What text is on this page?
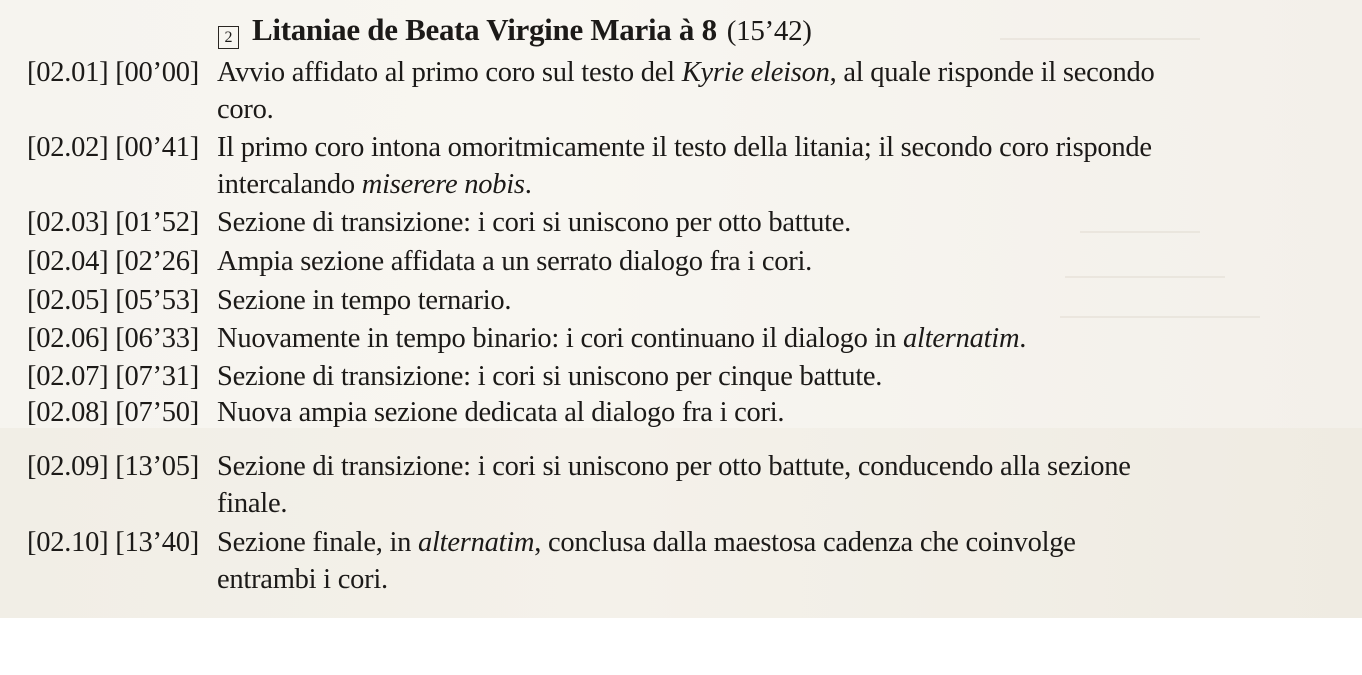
2 Litaniae de Beata Virgine Maria à 8 (15’42)
[02.01] [00’00] Avvio affidato al primo coro sul testo del Kyrie eleison, al quale risponde il secondo
coro.
[02.02] [00’41] Il primo coro intona omoritmicamente il testo della litania; il secondo coro risponde
intercalando miserere nobis.
[02.03] [01’52] Sezione di transizione: i cori si uniscono per otto battute.
[02.04] [02’26] Ampia sezione affidata a un serrato dialogo fra i cori.
[02.05] [05’53] Sezione in tempo ternario.
[02.06] [06’33] Nuovamente in tempo binario: i cori continuano il dialogo in alternatim.
[02.07] [07’31] Sezione di transizione: i cori si uniscono per cinque battute.
[02.08] [07’50] Nuova ampia sezione dedicata al dialogo fra i cori.
[02.09] [13’05] Sezione di transizione: i cori si uniscono per otto battute, conducendo alla sezione
finale.
[02.10] [13’40] Sezione finale, in alternatim, conclusa dalla maestosa cadenza che coinvolge
entrambi i cori.
